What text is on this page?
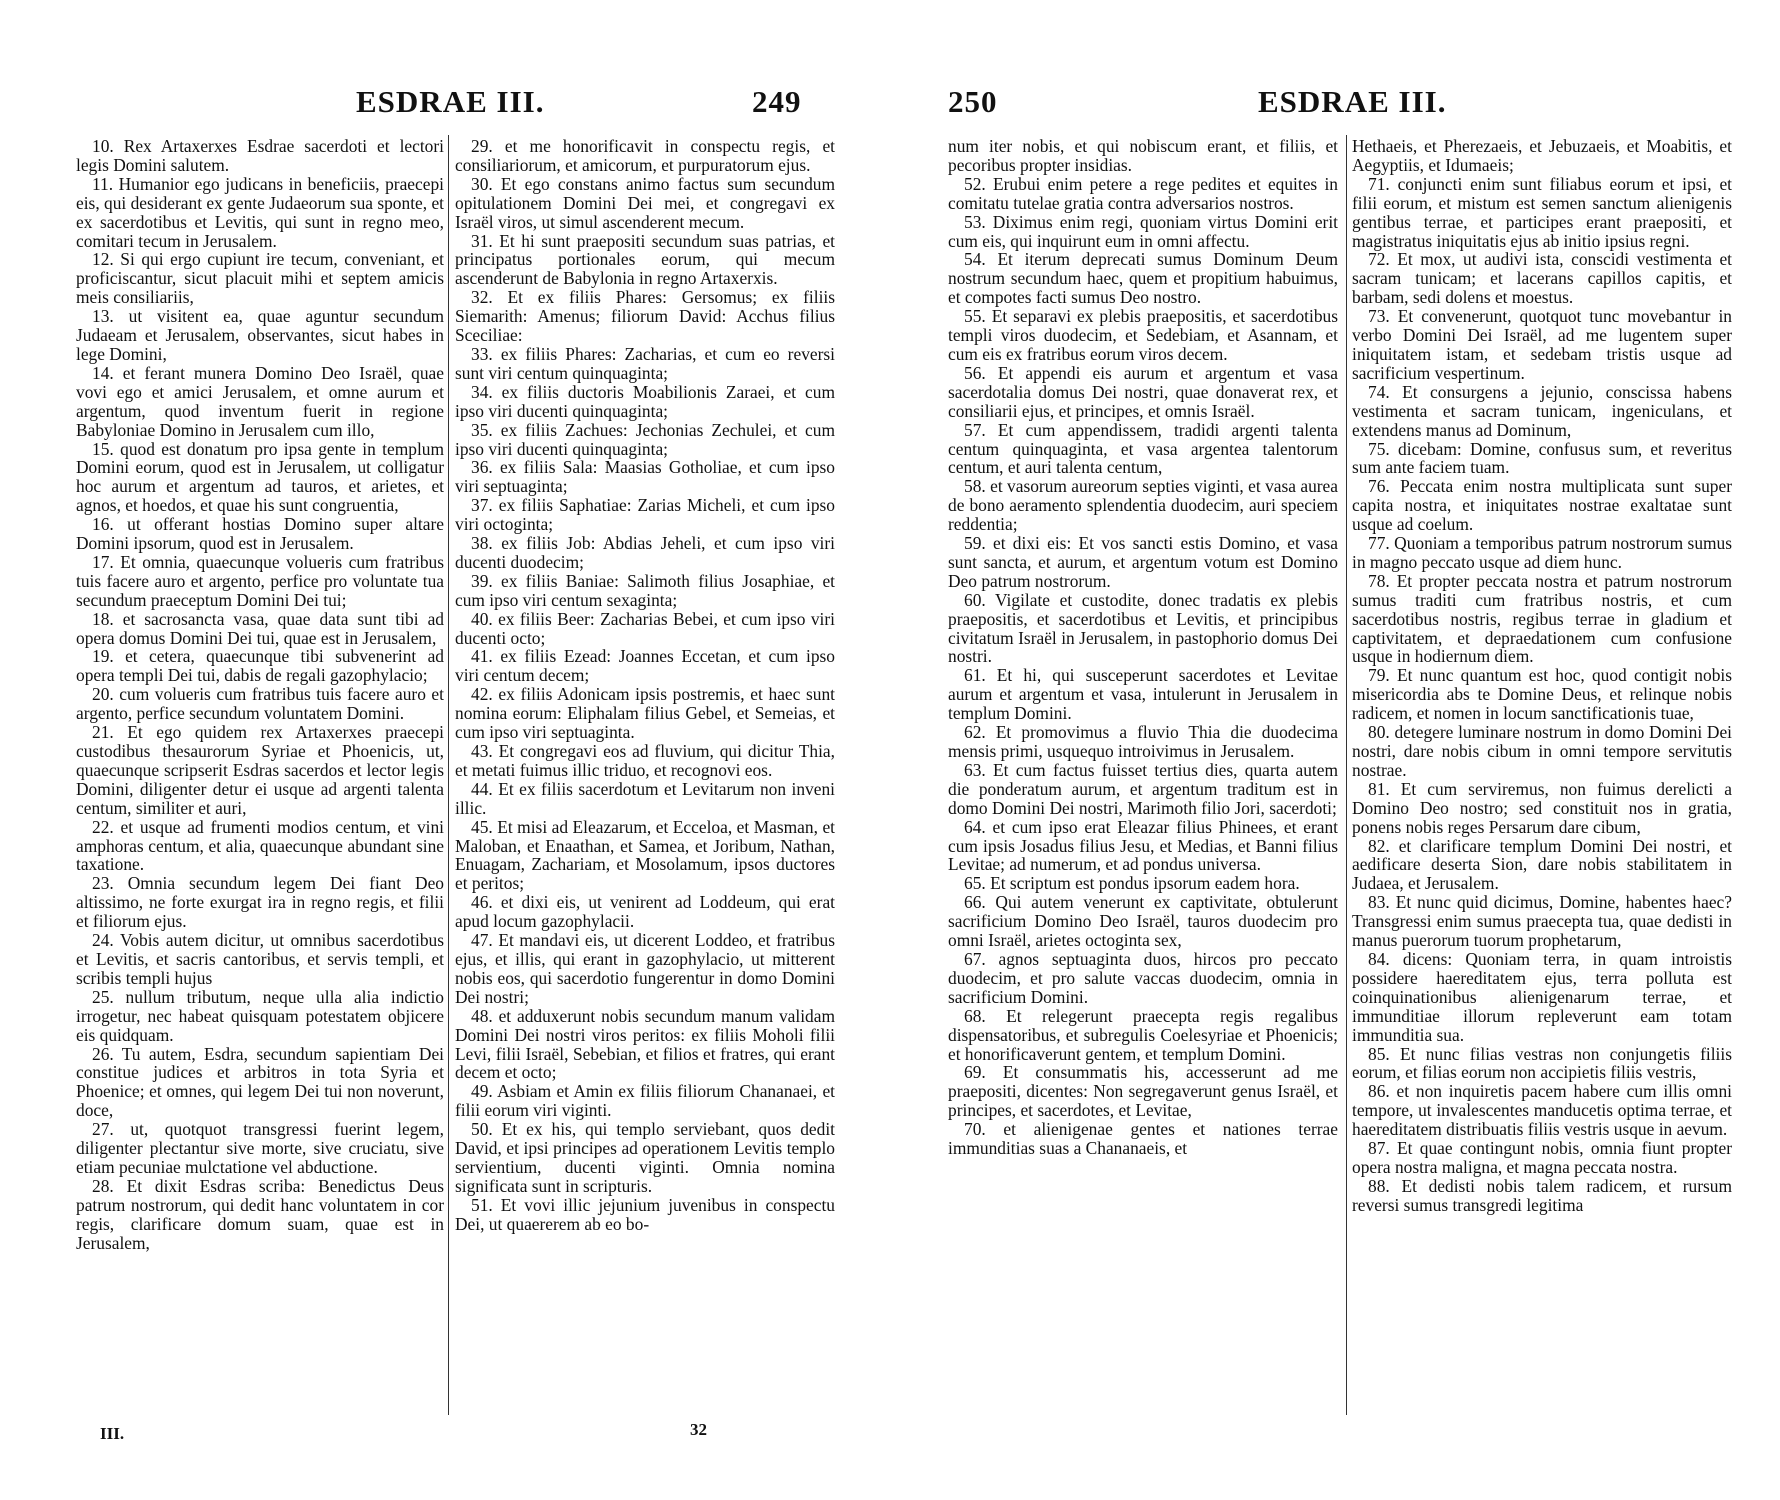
ESDRAE III.	249

10. Rex Artaxerxes Esdrae sacerdoti et lectori legis Domini salutem.

11. Humanior ego judicans in beneficiis, praecepi eis, qui desiderant ex gente Judaeorum sua sponte, et ex sacerdotibus et Levitis, qui sunt in regno meo, comitari tecum in Jerusalem.

12. Si qui ergo cupiunt ire tecum, conveniant, et proficiscantur, sicut placuit mihi et septem amicis meis consiliariis,

13. ut visitent ea, quae aguntur secundum Judaeam et Jerusalem, observantes, sicut habes in lege Domini,

14. et ferant munera Domino Deo Israël, quae vovi ego et amici Jerusalem, et omne aurum et argentum, quod inventum fuerit in regione Babyloniae Domino in Jerusalem cum illo,

15. quod est donatum pro ipsa gente in templum Domini eorum, quod est in Jerusalem, ut colligatur hoc aurum et argentum ad tauros, et arietes, et agnos, et hoedos, et quae his sunt congruentia,

16. ut offerant hostias Domino super altare Domini ipsorum, quod est in Jerusalem.

17. Et omnia, quaecunque volueris cum fratribus tuis facere auro et argento, perfice pro voluntate tua secundum praeceptum Domini Dei tui;

18. et sacrosancta vasa, quae data sunt tibi ad opera domus Domini Dei tui, quae est in Jerusalem,

19. et cetera, quaecunque tibi subvenerint ad opera templi Dei tui, dabis de regali gazophylacio;

20. cum volueris cum fratribus tuis facere auro et argento, perfice secundum voluntatem Domini.

21. Et ego quidem rex Artaxerxes praecepi custodibus thesaurorum Syriae et Phoenicis, ut, quaecunque scripserit Esdras sacerdos et lector legis Domini, diligenter detur ei usque ad argenti talenta centum, similiter et auri,

22. et usque ad frumenti modios centum, et vini amphoras centum, et alia, quaecunque abundant sine taxatione.

23. Omnia secundum legem Dei fiant Deo altissimo, ne forte exurgat ira in regno regis, et filii et filiorum ejus.

24. Vobis autem dicitur, ut omnibus sacerdotibus et Levitis, et sacris cantoribus, et servis templi, et scribis templi hujus

25. nullum tributum, neque ulla alia indictio irrogetur, nec habeat quisquam potestatem objicere eis quidquam.

26. Tu autem, Esdra, secundum sapientiam Dei constitue judices et arbitros in tota Syria et Phoenice; et omnes, qui legem Dei tui non noverunt, doce,

27. ut, quotquot transgressi fuerint legem, diligenter plectantur sive morte, sive cruciatu, sive etiam pecuniae mulctatione vel abductione.

28. Et dixit Esdras scriba: Benedictus Deus patrum nostrorum, qui dedit hanc voluntatem in cor regis, clarificare domum suam, quae est in Jerusalem,

29. et me honorificavit in conspectu regis, et consiliariorum, et amicorum, et purpuratorum ejus.

30. Et ego constans animo factus sum secundum opitulationem Domini Dei mei, et congregavi ex Israël viros, ut simul ascenderent mecum.

31. Et hi sunt praepositi secundum suas patrias, et principatus portionales eorum, qui mecum ascenderunt de Babylonia in regno Artaxerxis.

32. Et ex filiis Phares: Gersomus; ex filiis Siemarith: Amenus; filiorum David: Acchus filius Sceciliae:

33. ex filiis Phares: Zacharias, et cum eo reversi sunt viri centum quinquaginta;

34. ex filiis ductoris Moabilionis Zaraei, et cum ipso viri ducenti quinquaginta;

35. ex filiis Zachues: Jechonias Zechulei, et cum ipso viri ducenti quinquaginta;

36. ex filiis Sala: Maasias Gotholiae, et cum ipso viri septuaginta;

37. ex filiis Saphatiae: Zarias Micheli, et cum ipso viri octoginta;

38. ex filiis Job: Abdias Jeheli, et cum ipso viri ducenti duodecim;

39. ex filiis Baniae: Salimoth filius Josaphiae, et cum ipso viri centum sexaginta;

40. ex filiis Beer: Zacharias Bebei, et cum ipso viri ducenti octo;

41. ex filiis Ezead: Joannes Eccetan, et cum ipso viri centum decem;

42. ex filiis Adonicam ipsis postremis, et haec sunt nomina eorum: Eliphalam filius Gebel, et Semeias, et cum ipso viri septuaginta.

43. Et congregavi eos ad fluvium, qui dicitur Thia, et metati fuimus illic triduo, et recognovi eos.

44. Et ex filiis sacerdotum et Levitarum non inveni illic.

45. Et misi ad Eleazarum, et Ecceloa, et Masman, et Maloban, et Enaathan, et Samea, et Joribum, Nathan, Enuagam, Zachariam, et Mosolamum, ipsos ductores et peritos;

46. et dixi eis, ut venirent ad Loddeum, qui erat apud locum gazophylacii.

47. Et mandavi eis, ut dicerent Loddeo, et fratribus ejus, et illis, qui erant in gazophylacio, ut mitterent nobis eos, qui sacerdotio fungerentur in domo Domini Dei nostri;

48. et adduxerunt nobis secundum manum validam Domini Dei nostri viros peritos: ex filiis Moholi filii Levi, filii Israël, Sebebian, et filios et fratres, qui erant decem et octo;

49. Asbiam et Amin ex filiis filiorum Chananaei, et filii eorum viri viginti.

50. Et ex his, qui templo serviebant, quos dedit David, et ipsi principes ad operationem Levitis templo servientium, ducenti viginti. Omnia nomina significata sunt in scripturis.

51. Et vovi illic jejunium juvenibus in conspectu Dei, ut quaererem ab eo bo-

III.	32
250	ESDRAE III.

num iter nobis, et qui nobiscum erant, et filiis, et pecoribus propter insidias.

52. Erubui enim petere a rege pedites et equites in comitatu tutelae gratia contra adversarios nostros.

53. Diximus enim regi, quoniam virtus Domini erit cum eis, qui inquirunt eum in omni affectu.

54. Et iterum deprecati sumus Dominum Deum nostrum secundum haec, quem et propitium habuimus, et compotes facti sumus Deo nostro.

55. Et separavi ex plebis praepositis, et sacerdotibus templi viros duodecim, et Sedebiam, et Asannam, et cum eis ex fratribus eorum viros decem.

56. Et appendi eis aurum et argentum et vasa sacerdotalia domus Dei nostri, quae donaverat rex, et consiliarii ejus, et principes, et omnis Israël.

57. Et cum appendissem, tradidi argenti talenta centum quinquaginta, et vasa argentea talentorum centum, et auri talenta centum,

58. et vasorum aureorum septies viginti, et vasa aurea de bono aeramento splendentia duodecim, auri speciem reddentia;

59. et dixi eis: Et vos sancti estis Domino, et vasa sunt sancta, et aurum, et argentum votum est Domino Deo patrum nostrorum.

60. Vigilate et custodite, donec tradatis ex plebis praepositis, et sacerdotibus et Levitis, et principibus civitatum Israël in Jerusalem, in pastophorio domus Dei nostri.

61. Et hi, qui susceperunt sacerdotes et Levitae aurum et argentum et vasa, intulerunt in Jerusalem in templum Domini.

62. Et promovimus a fluvio Thia die duodecima mensis primi, usquequo introivimus in Jerusalem.

63. Et cum factus fuisset tertius dies, quarta autem die ponderatum aurum, et argentum traditum est in domo Domini Dei nostri, Marimoth filio Jori, sacerdoti;

64. et cum ipso erat Eleazar filius Phinees, et erant cum ipsis Josadus filius Jesu, et Medias, et Banni filius Levitae; ad numerum, et ad pondus universa.

65. Et scriptum est pondus ipsorum eadem hora.

66. Qui autem venerunt ex captivitate, obtulerunt sacrificium Domino Deo Israël, tauros duodecim pro omni Israël, arietes octoginta sex,

67. agnos septuaginta duos, hircos pro peccato duodecim, et pro salute vaccas duodecim, omnia in sacrificium Domini.

68. Et relegerunt praecepta regis regalibus dispensatoribus, et subregulis Coelesyriae et Phoenicis; et honorificaverunt gentem, et templum Domini.

69. Et consummatis his, accesserunt ad me praepositi, dicentes: Non segregaverunt genus Israël, et principes, et sacerdotes, et Levitae,

70. et alienigenae gentes et nationes terrae immunditias suas a Chananaeis, et

Hethaeis, et Pherezaeis, et Jebuzaeis, et Moabitis, et Aegyptiis, et Idumaeis;

71. conjuncti enim sunt filiabus eorum et ipsi, et filii eorum, et mistum est semen sanctum alienigenis gentibus terrae, et participes erant praepositi, et magistratus iniquitatis ejus ab initio ipsius regni.

72. Et mox, ut audivi ista, conscidi vestimenta et sacram tunicam; et lacerans capillos capitis, et barbam, sedi dolens et moestus.

73. Et convenerunt, quotquot tunc movebantur in verbo Domini Dei Israël, ad me lugentem super iniquitatem istam, et sedebam tristis usque ad sacrificium vespertinum.

74. Et consurgens a jejunio, conscissa habens vestimenta et sacram tunicam, ingeniculans, et extendens manus ad Dominum,

75. dicebam: Domine, confusus sum, et reveritus sum ante faciem tuam.

76. Peccata enim nostra multiplicata sunt super capita nostra, et iniquitates nostrae exaltatae sunt usque ad coelum.

77. Quoniam a temporibus patrum nostrorum sumus in magno peccato usque ad diem hunc.

78. Et propter peccata nostra et patrum nostrorum sumus traditi cum fratribus nostris, et cum sacerdotibus nostris, regibus terrae in gladium et captivitatem, et depraedationem cum confusione usque in hodiernum diem.

79. Et nunc quantum est hoc, quod contigit nobis misericordia abs te Domine Deus, et relinque nobis radicem, et nomen in locum sanctificationis tuae,

80. detegere luminare nostrum in domo Domini Dei nostri, dare nobis cibum in omni tempore servitutis nostrae.

81. Et cum serviremus, non fuimus derelicti a Domino Deo nostro; sed constituit nos in gratia, ponens nobis reges Persarum dare cibum,

82. et clarificare templum Domini Dei nostri, et aedificare deserta Sion, dare nobis stabilitatem in Judaea, et Jerusalem.

83. Et nunc quid dicimus, Domine, habentes haec? Transgressi enim sumus praecepta tua, quae dedisti in manus puerorum tuorum prophetarum,

84. dicens: Quoniam terra, in quam introistis possidere haereditatem ejus, terra polluta est coinquinationibus alienigenarum terrae, et immunditiae illorum repleverunt eam totam immunditia sua.

85. Et nunc filias vestras non conjungetis filiis eorum, et filias eorum non accipietis filiis vestris,

86. et non inquiretis pacem habere cum illis omni tempore, ut invalescentes manducetis optima terrae, et haereditatem distribuatis filiis vestris usque in aevum.

87. Et quae contingunt nobis, omnia fiunt propter opera nostra maligna, et magna peccata nostra.

88. Et dedisti nobis talem radicem, et rursum reversi sumus transgredi legitima
